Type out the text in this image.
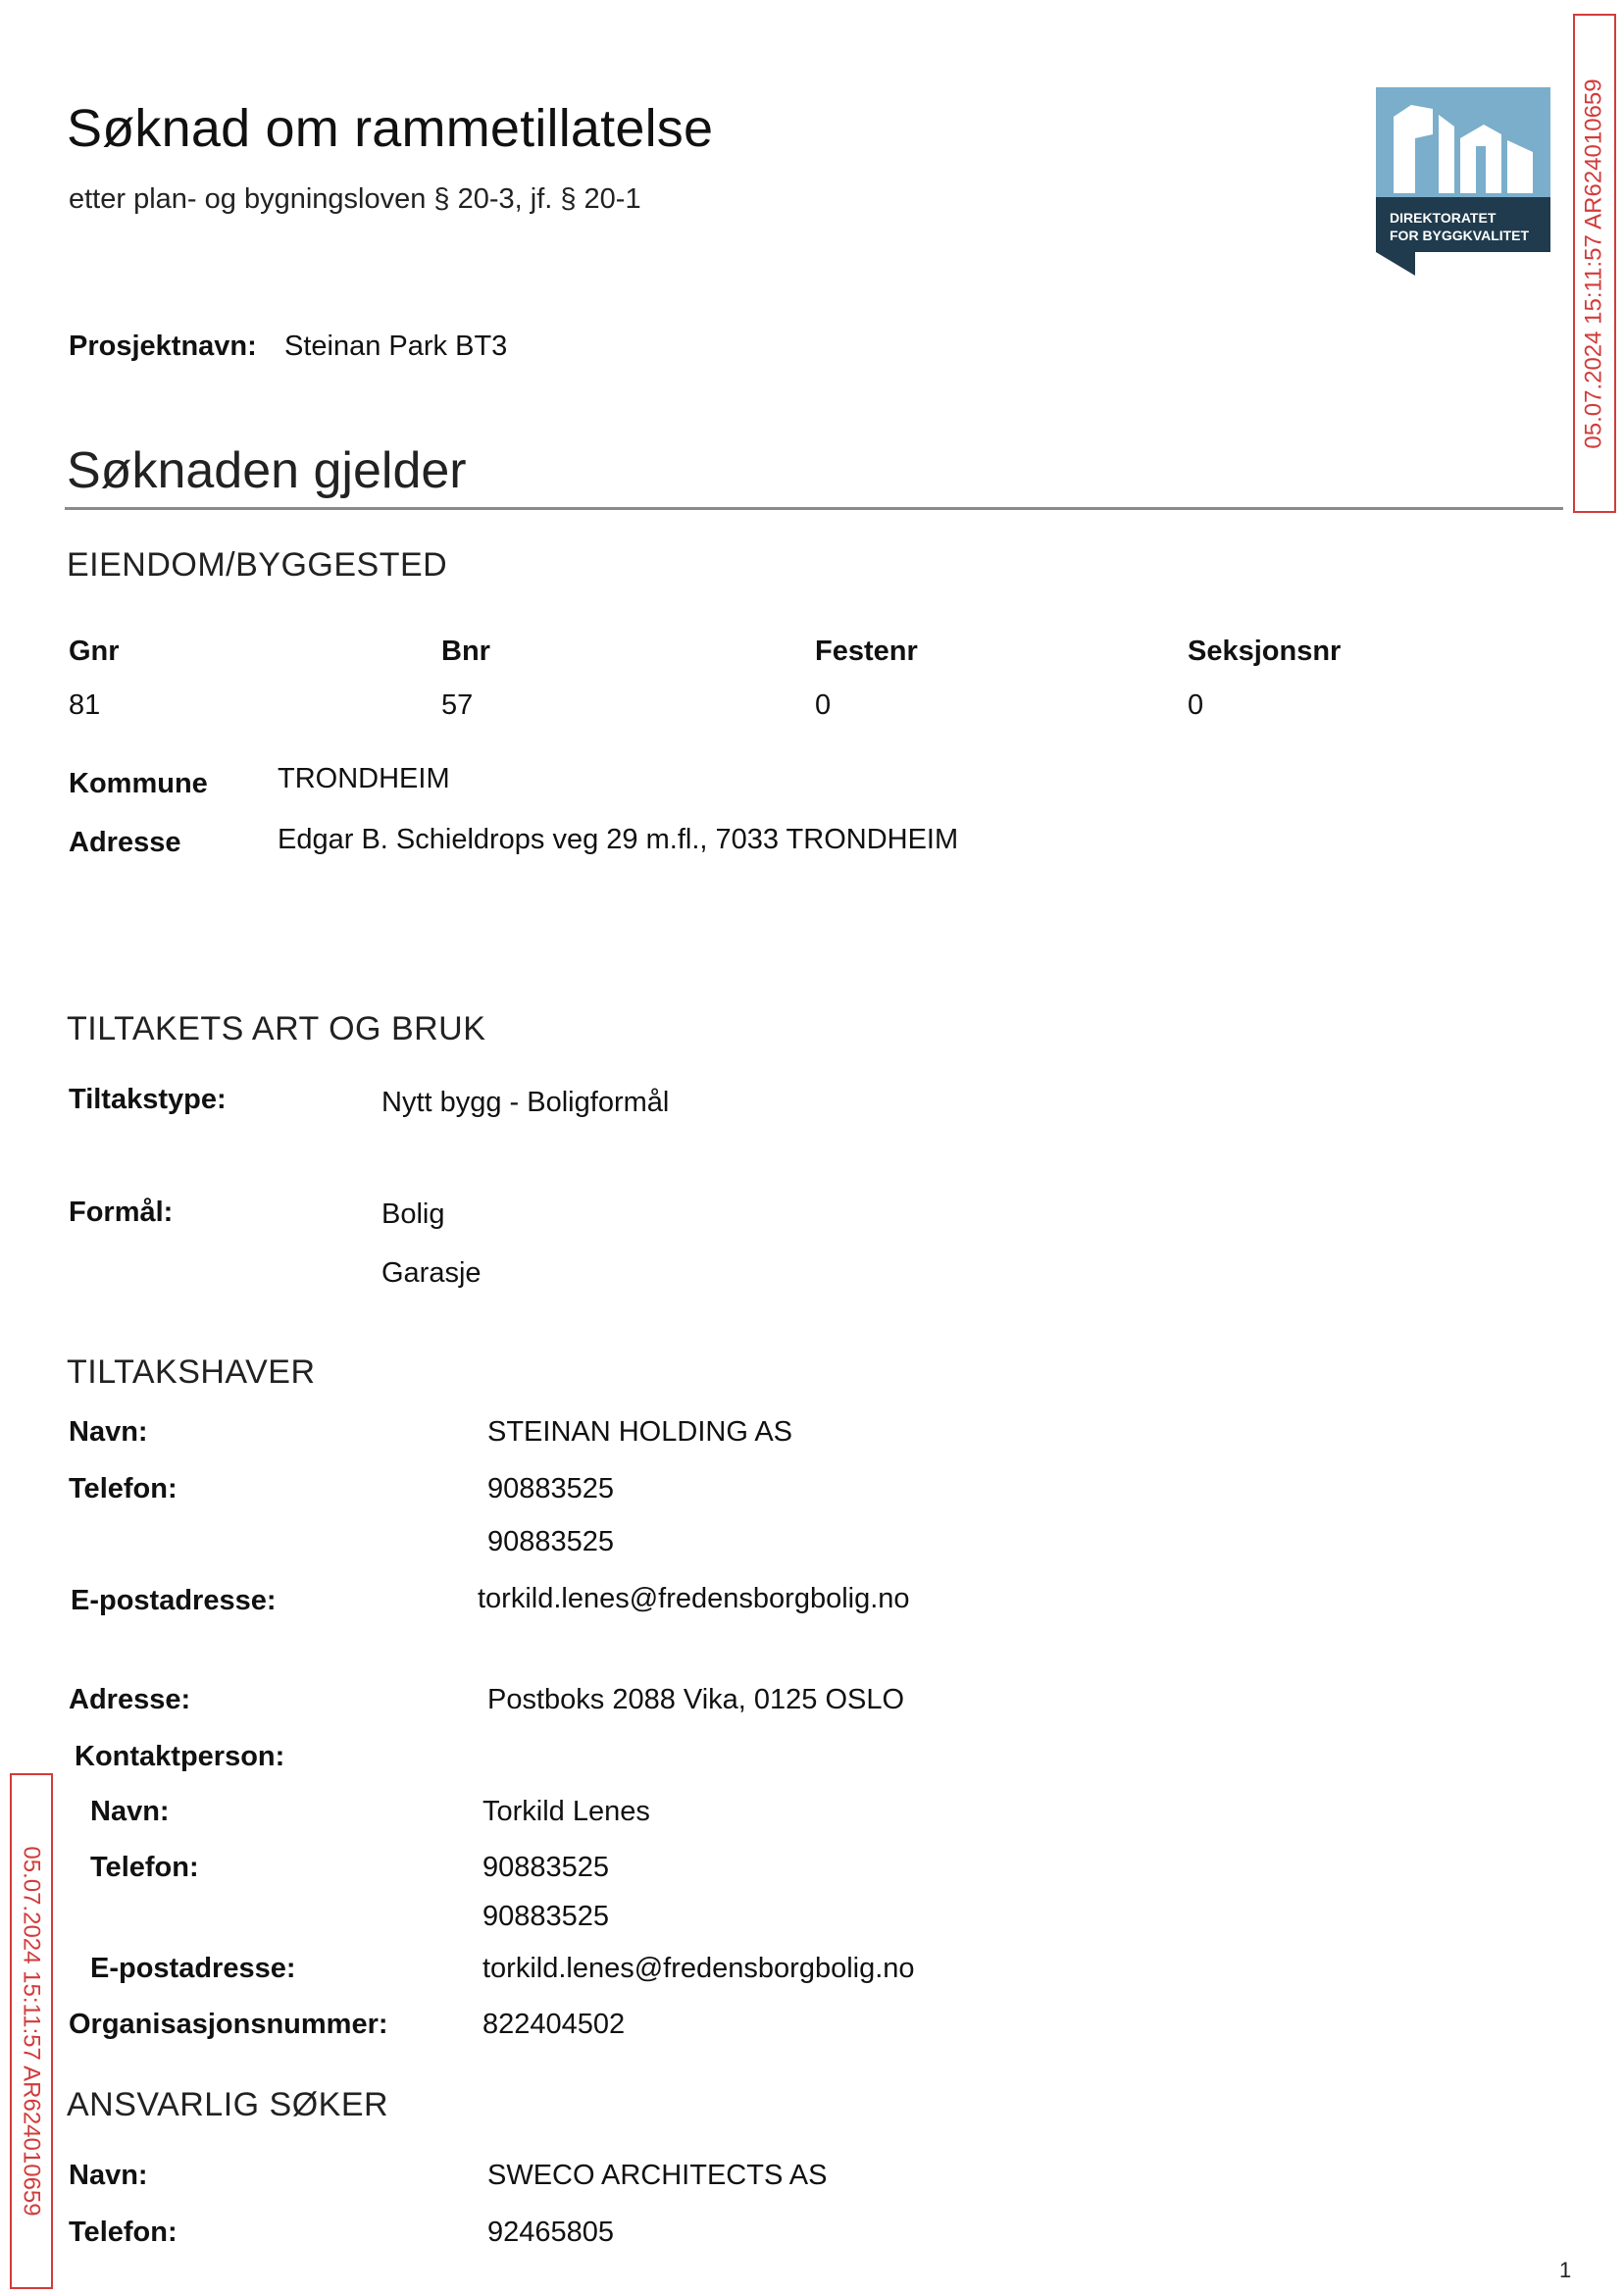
Søknad om rammetillatelse
etter plan- og bygningsloven § 20-3, jf. § 20-1
DIREKTORATET
FOR BYGGKVALITET 05.07.2024 15:11:57 AR624010659
05.07.2024 15:11:57 AR624010659
Prosjektnavn: Steinan Park BT3
Søknaden gjelder
EIENDOM/BYGGESTED
Gnr	Bnr	Festenr	Seksjonsnr
81	57	0	0
Kommune TRONDHEIM
Adresse	Edgar B. Schieldrops veg 29 m.fl., 7033 TRONDHEIM
TILTAKETS ART OG BRUK
Tiltakstype:	Nytt bygg - Boligformål
Formål:	Bolig
Garasje
TILTAKSHAVER
Navn:	STEINAN HOLDING AS
Telefon:	90883525
90883525
E-postadresse:	torkild.lenes@fredensborgbolig.no
Adresse:	Postboks 2088 Vika, 0125 OSLO
Kontaktperson:
Navn:	Torkild Lenes
Telefon:	90883525
90883525
E-postadresse:	torkild.lenes@fredensborgbolig.no
Organisasjonsnummer:	822404502
ANSVARLIG SØKER
Navn:	SWECO ARCHITECTS AS
Telefon:	92465805
1
